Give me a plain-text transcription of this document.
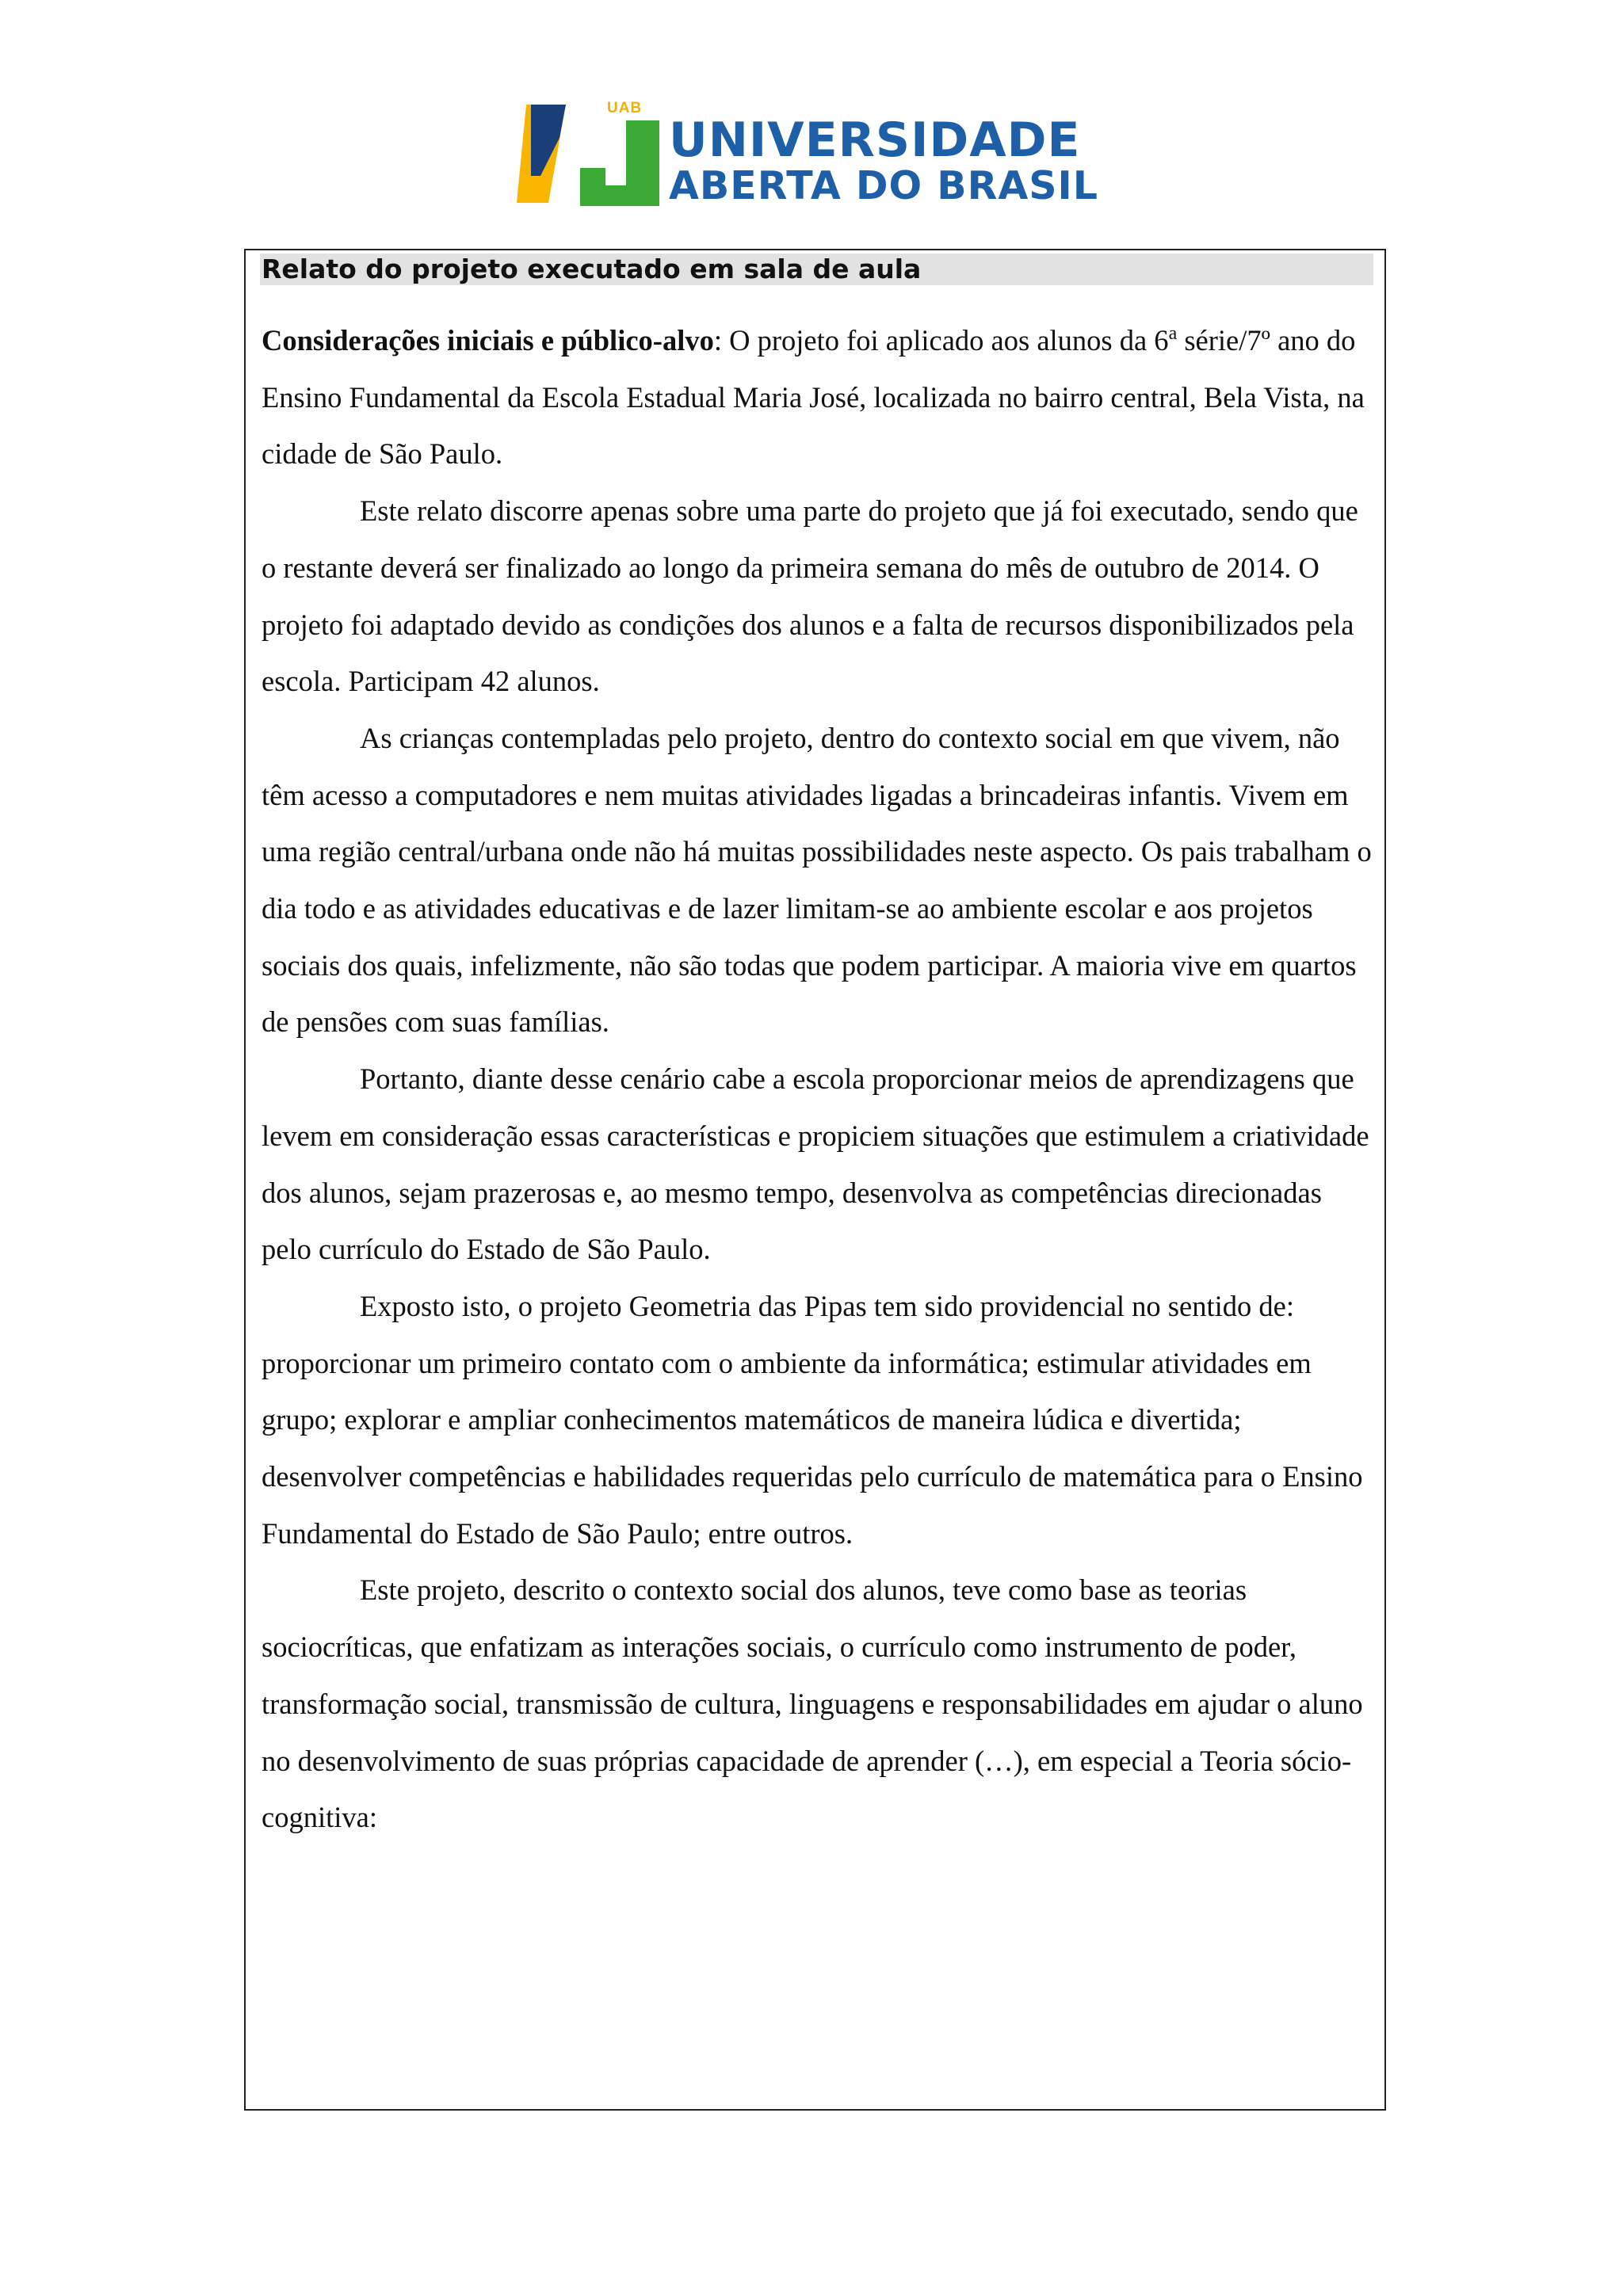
UAB
UNIVERSIDADE
ABERTA DO BRASIL
Relato do projeto executado em sala de aula

Considerações iniciais e público-alvo: O projeto foi aplicado aos alunos da 6$^a$ série/7º ano do Ensino Fundamental da Escola Estadual Maria José, localizada no bairro central, Bela Vista, na cidade de São Paulo.

Este relato discorre apenas sobre uma parte do projeto que já foi executado, sendo que o restante deverá ser finalizado ao longo da primeira semana do mês de outubro de 2014. O projeto foi adaptado devido as condições dos alunos e a falta de recursos disponibilizados pela escola. Participam 42 alunos.

As crianças contempladas pelo projeto, dentro do contexto social em que vivem, não têm acesso a computadores e nem muitas atividades ligadas a brincadeiras infantis. Vivem em uma região central/urbana onde não há muitas possibilidades neste aspecto. Os pais trabalham o dia todo e as atividades educativas e de lazer limitam-se ao ambiente escolar e aos projetos sociais dos quais, infelizmente, não são todas que podem participar. A maioria vive em quartos de pensões com suas famílias.

Portanto, diante desse cenário cabe a escola proporcionar meios de aprendizagens que levem em consideração essas características e propiciem situações que estimulem a criatividade dos alunos, sejam prazerosas e, ao mesmo tempo, desenvolva as competências direcionadas pelo currículo do Estado de São Paulo.

Exposto isto, o projeto Geometria das Pipas tem sido providencial no sentido de: proporcionar um primeiro contato com o ambiente da informática; estimular atividades em grupo; explorar e ampliar conhecimentos matemáticos de maneira lúdica e divertida; desenvolver competências e habilidades requeridas pelo currículo de matemática para o Ensino Fundamental do Estado de São Paulo; entre outros.

Este projeto, descrito o contexto social dos alunos, teve como base as teorias sociocríticas, que enfatizam as interações sociais, o currículo como instrumento de poder, transformação social, transmissão de cultura, linguagens e responsabilidades em ajudar o aluno no desenvolvimento de suas próprias capacidade de aprender (…), em especial a Teoria sócio-cognitiva:
